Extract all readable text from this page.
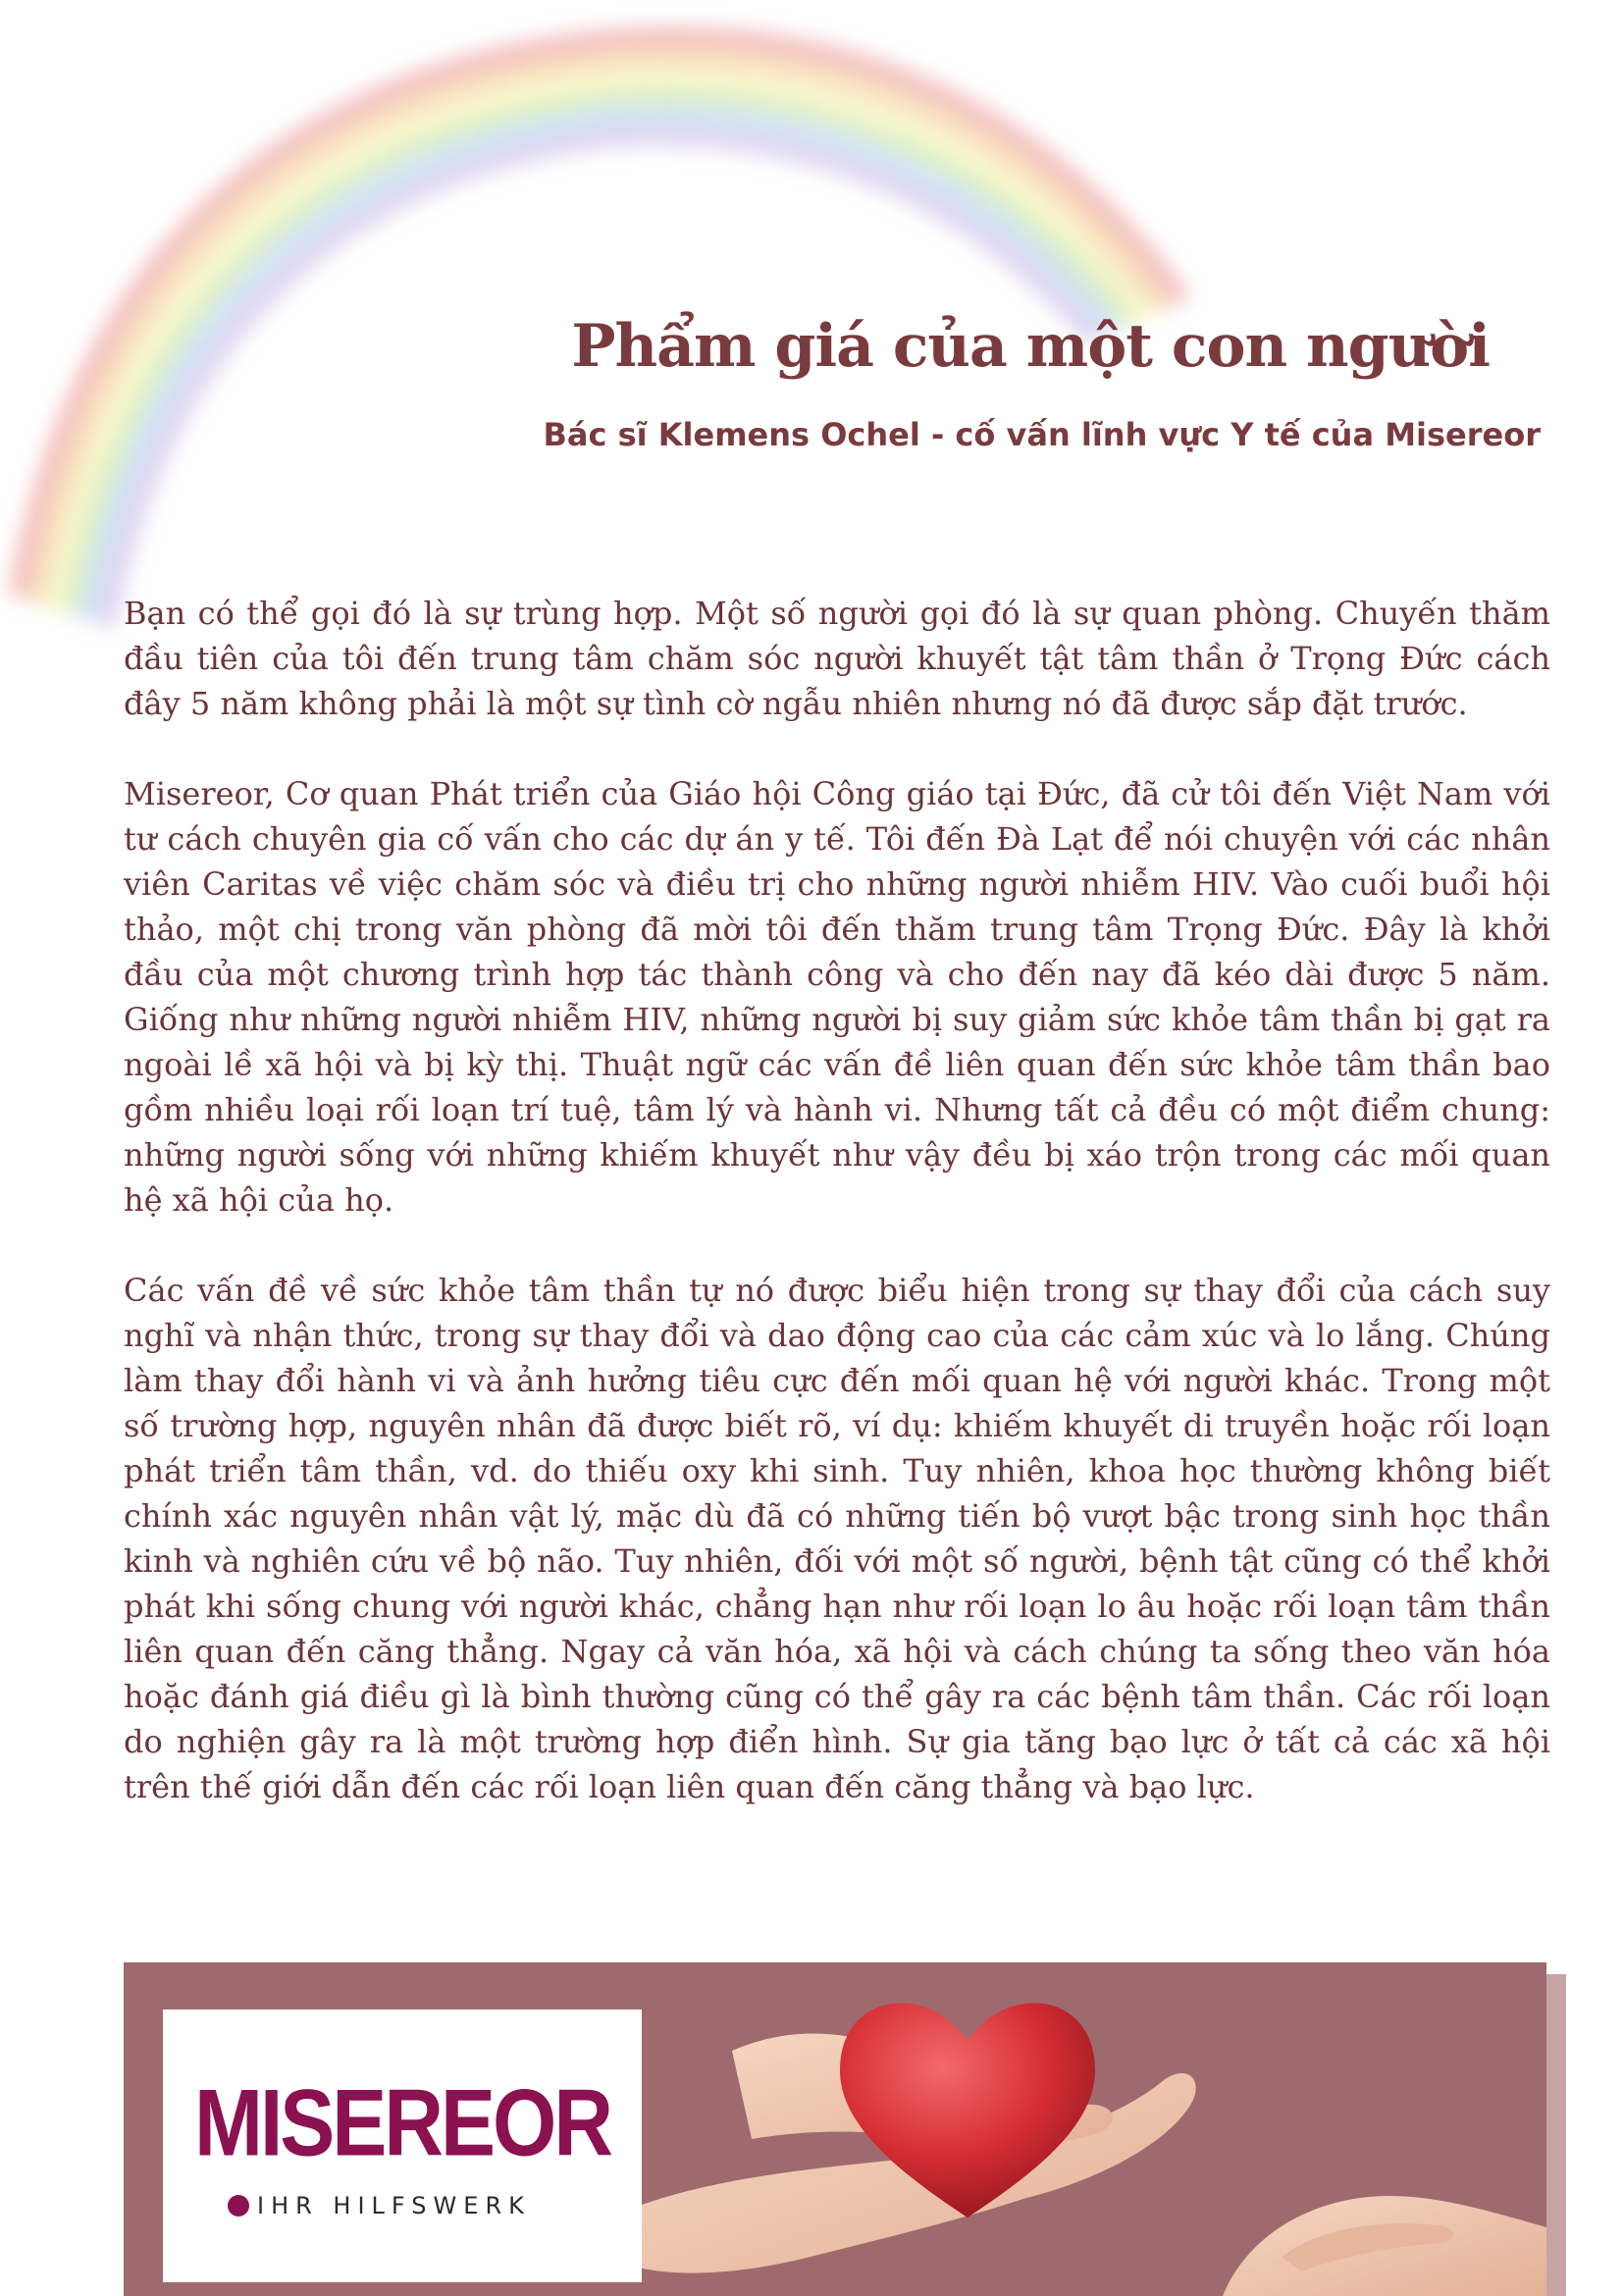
Phẩm giá của một con người
Bác sĩ Klemens Ochel - cố vấn lĩnh vực Y tế của Misereor

Bạn có thể gọi đó là sự trùng hợp. Một số người gọi đó là sự quan phòng. Chuyến thăm đầu tiên của tôi đến trung tâm chăm sóc người khuyết tật tâm thần ở Trọng Đức cách đây 5 năm không phải là một sự tình cờ ngẫu nhiên nhưng nó đã được sắp đặt trước.

Misereor, Cơ quan Phát triển của Giáo hội Công giáo tại Đức, đã cử tôi đến Việt Nam với tư cách chuyên gia cố vấn cho các dự án y tế. Tôi đến Đà Lạt để nói chuyện với các nhân viên Caritas về việc chăm sóc và điều trị cho những người nhiễm HIV. Vào cuối buổi hội thảo, một chị trong văn phòng đã mời tôi đến thăm trung tâm Trọng Đức. Đây là khởi đầu của một chương trình hợp tác thành công và cho đến nay đã kéo dài được 5 năm. Giống như những người nhiễm HIV, những người bị suy giảm sức khỏe tâm thần bị gạt ra ngoài lề xã hội và bị kỳ thị. Thuật ngữ các vấn đề liên quan đến sức khỏe tâm thần bao gồm nhiều loại rối loạn trí tuệ, tâm lý và hành vi. Nhưng tất cả đều có một điểm chung: những người sống với những khiếm khuyết như vậy đều bị xáo trộn trong các mối quan hệ xã hội của họ.

Các vấn đề về sức khỏe tâm thần tự nó được biểu hiện trong sự thay đổi của cách suy nghĩ và nhận thức, trong sự thay đổi và dao động cao của các cảm xúc và lo lắng. Chúng làm thay đổi hành vi và ảnh hưởng tiêu cực đến mối quan hệ với người khác. Trong một số trường hợp, nguyên nhân đã được biết rõ, ví dụ: khiếm khuyết di truyền hoặc rối loạn phát triển tâm thần, vd. do thiếu oxy khi sinh. Tuy nhiên, khoa học thường không biết chính xác nguyên nhân vật lý, mặc dù đã có những tiến bộ vượt bậc trong sinh học thần kinh và nghiên cứu về bộ não. Tuy nhiên, đối với một số người, bệnh tật cũng có thể khởi phát khi sống chung với người khác, chẳng hạn như rối loạn lo âu hoặc rối loạn tâm thần liên quan đến căng thẳng. Ngay cả văn hóa, xã hội và cách chúng ta sống theo văn hóa hoặc đánh giá điều gì là bình thường cũng có thể gây ra các bệnh tâm thần. Các rối loạn do nghiện gây ra là một trường hợp điển hình. Sự gia tăng bạo lực ở tất cả các xã hội trên thế giới dẫn đến các rối loạn liên quan đến căng thẳng và bạo lực.

MISEREOR
IHR HILFSWERK
